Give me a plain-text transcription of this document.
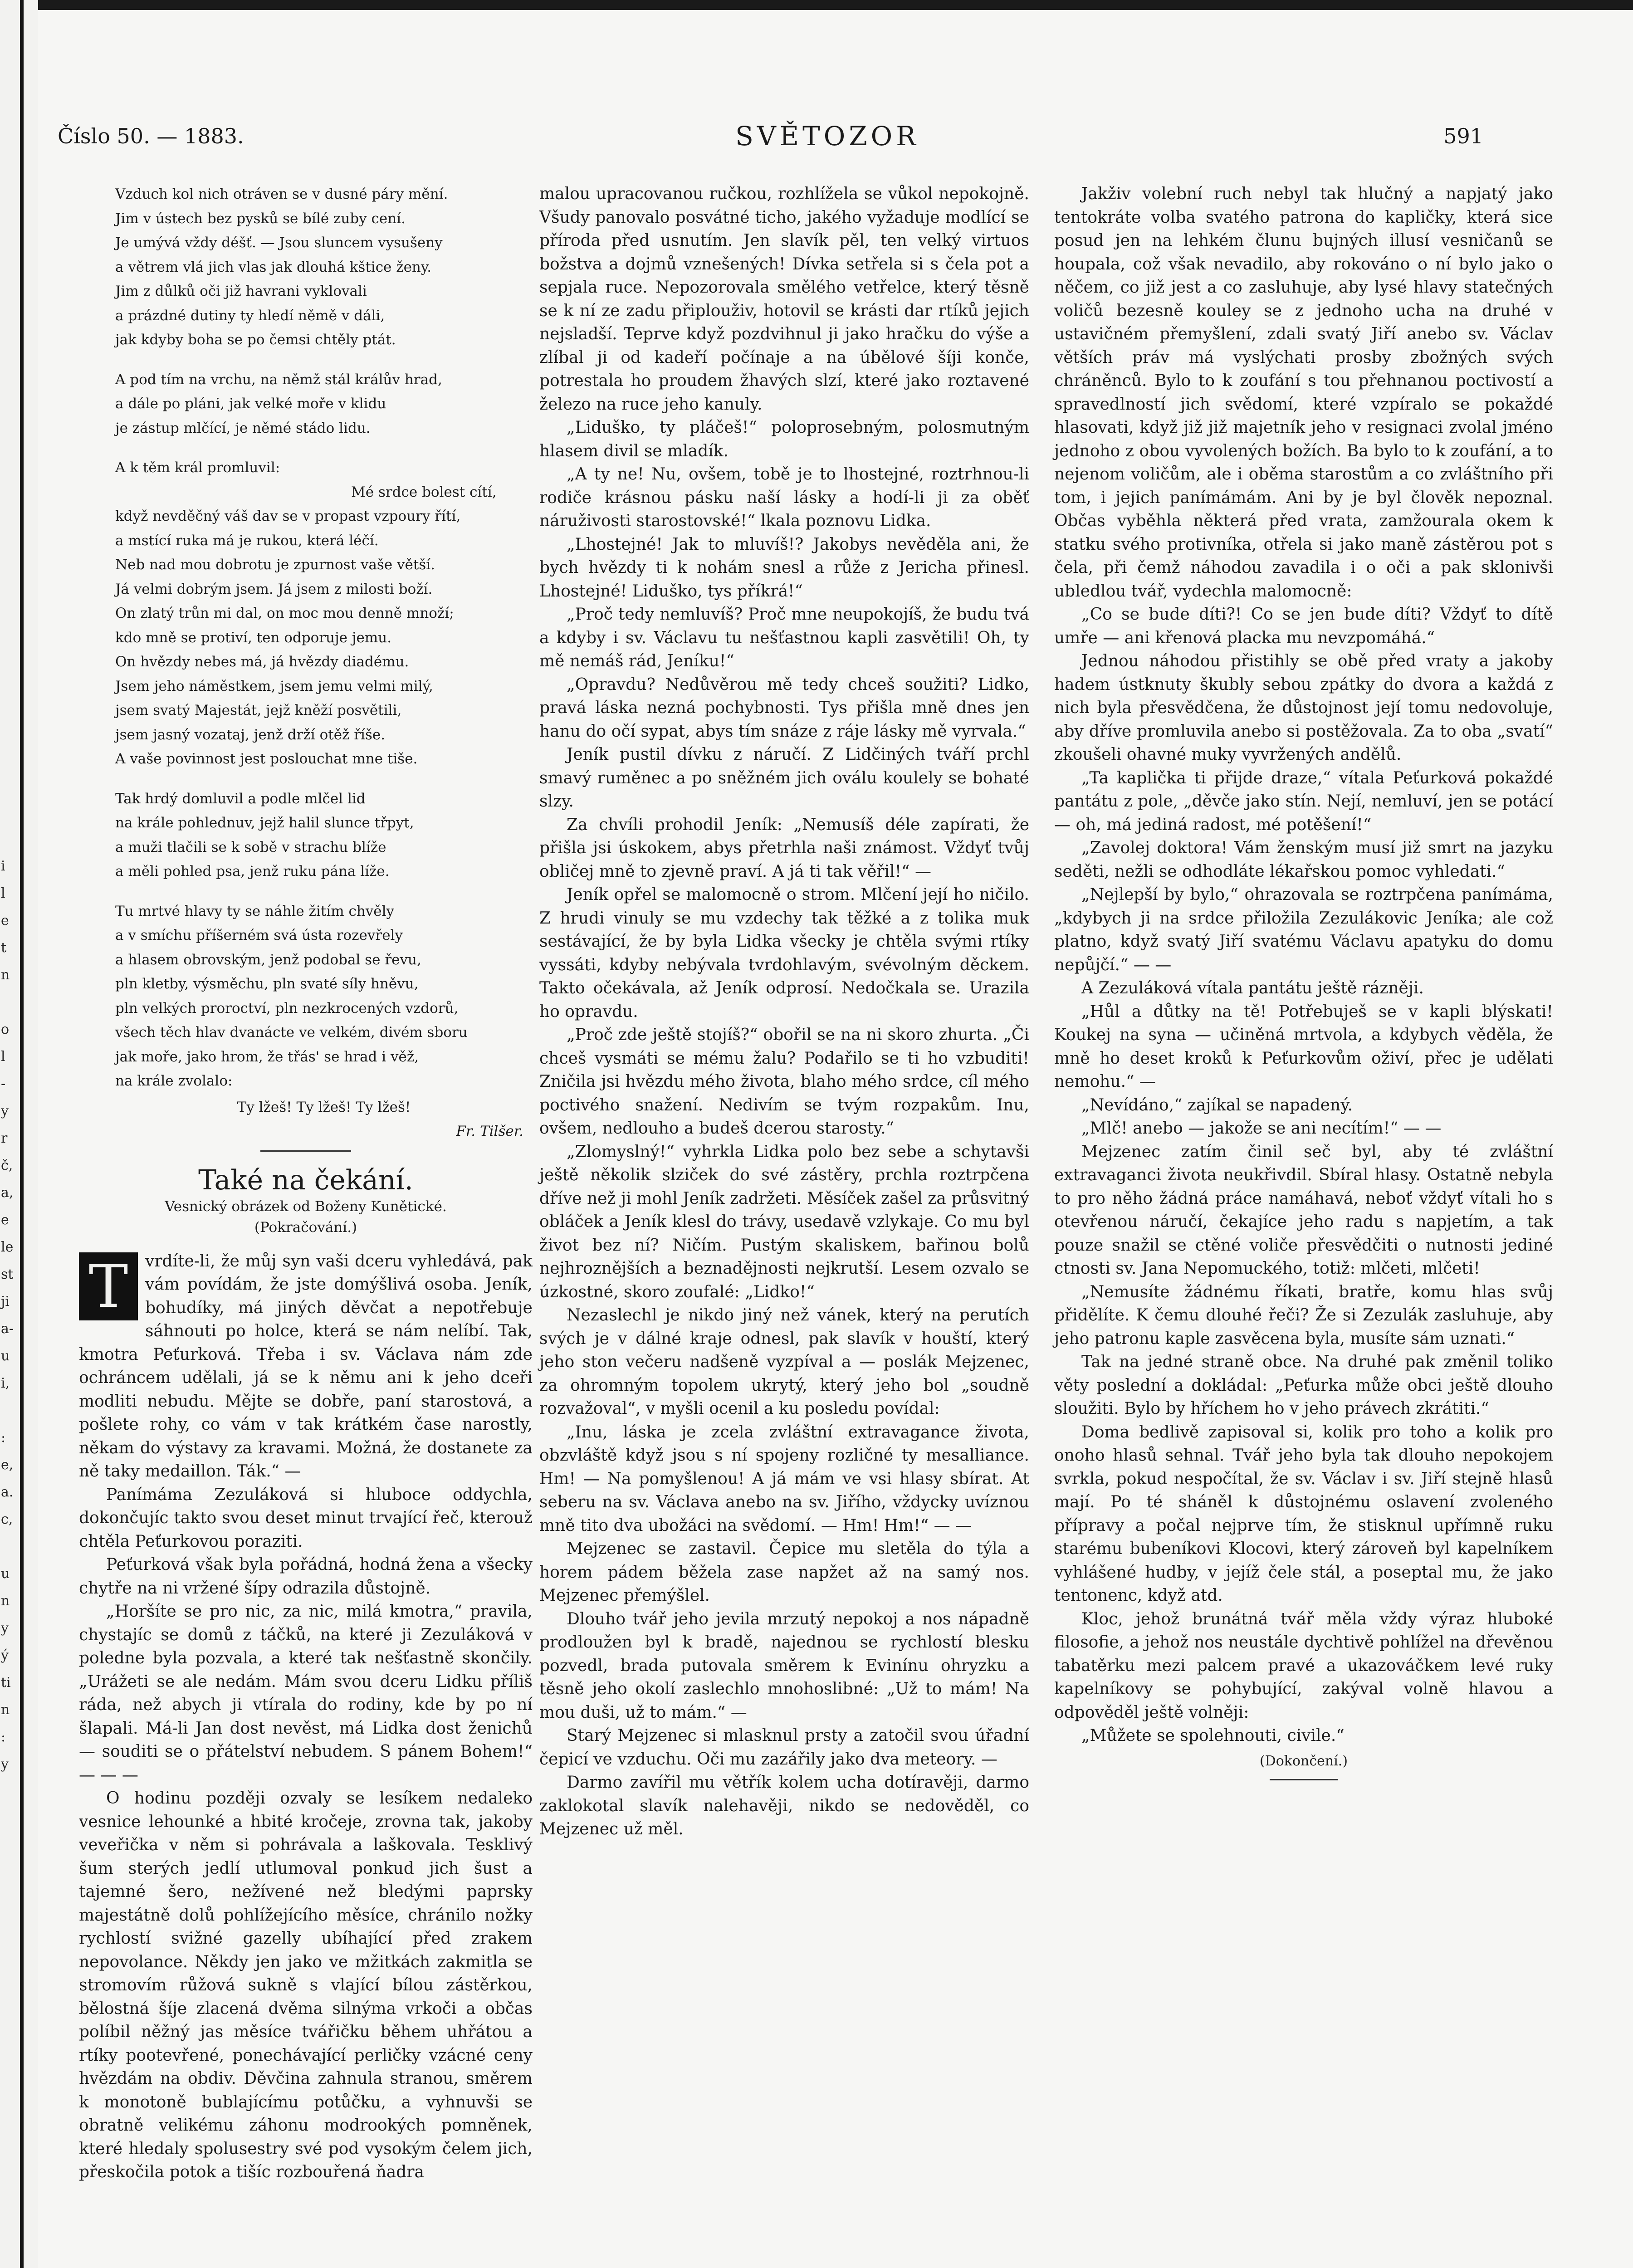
i
l
e
t
n
o
l
-
y
r
č,
a,
e
le
st
ji
a-
u
i,
:
e,
a.
c,
u
n
y
ý
ti
n
:
y
Číslo 50. — 1883.	SVĚTOZOR	591
Vzduch kol nich otráven se v dusné páry mění.
Jim v ústech bez pysků se bílé zuby cení.
Je umývá vždy déšť. — Jsou sluncem vysušeny
a větrem vlá jich vlas jak dlouhá kštice ženy.
Jim z důlků oči již havrani vyklovali
a prázdné dutiny ty hledí němě v dáli,
jak kdyby boha se po čemsi chtěly ptát.
A pod tím na vrchu, na němž stál králův hrad,
a dále po pláni, jak velké moře v klidu
je zástup mlčící, je němé stádo lidu.
A k těm král promluvil:
Mé srdce bolest cítí,
když nevděčný váš dav se v propast vzpoury řítí,
a mstící ruka má je rukou, která léčí.
Neb nad mou dobrotu je zpurnost vaše větší.
Já velmi dobrým jsem. Já jsem z milosti boží.
On zlatý trůn mi dal, on moc mou denně množí;
kdo mně se protiví, ten odporuje jemu.
On hvězdy nebes má, já hvězdy diadému.
Jsem jeho náměstkem, jsem jemu velmi milý,
jsem svatý Majestát, jejž kněží posvětili,
jsem jasný vozataj, jenž drží otěž říše.
A vaše povinnost jest poslouchat mne tiše.
Tak hrdý domluvil a podle mlčel lid
na krále pohlednuv, jejž halil slunce třpyt,
a muži tlačili se k sobě v strachu blíže
a měli pohled psa, jenž ruku pána líže.
Tu mrtvé hlavy ty se náhle žitím chvěly
a v smíchu příšerném svá ústa rozevřely
a hlasem obrovským, jenž podobal se řevu,
pln kletby, výsměchu, pln svaté síly hněvu,
pln velkých proroctví, pln nezkrocených vzdorů,
všech těch hlav dvanácte ve velkém, divém sboru
jak moře, jako hrom, že třás' se hrad i věž,
na krále zvolalo:
Ty lžeš! Ty lžeš! Ty lžeš!
Fr. Tilšer.
Také na čekání.
Vesnický obrázek od Boženy Kunětické.
(Pokračování.)

T	vrdíte-li, že můj syn vaši dceru vyhledává, pak vám povídám, že jste domýšlivá osoba. Jeník, bohudíky, má jiných děvčat a nepotřebuje sáhnouti po holce, která se nám nelíbí. Tak, kmotra Peťurková. Třeba i sv. Václava nám zde ochráncem udělali, já se k němu ani k jeho dceři modliti nebudu. Mějte se dobře, paní starostová, a pošlete rohy, co vám v tak krátkém čase narostly, někam do výstavy za kravami. Možná, že dostanete za ně taky medaillon. Ták.“ —

Panímáma Zezuláková si hluboce oddychla, dokončujíc takto svou deset minut trvající řeč, kterouž chtěla Peťurkovou poraziti.

Peťurková však byla pořádná, hodná žena a všecky chytře na ni vržené šípy odrazila důstojně.

„Horšíte se pro nic, za nic, milá kmotra,“ pravila, chystajíc se domů z táčků, na které ji Zezuláková v poledne byla pozvala, a které tak nešťastně skončily. „Urážeti se ale nedám. Mám svou dceru Lidku příliš ráda, než abych ji vtírala do rodiny, kde by po ní šlapali. Má-li Jan dost nevěst, má Lidka dost ženichů — souditi se o přátelství nebudem. S pánem Bohem!“ — — —

O hodinu později ozvaly se lesíkem nedaleko vesnice lehounké a hbité kročeje, zrovna tak, jakoby veveřička v něm si pohrávala a laškovala. Tesklivý šum sterých jedlí utlumoval ponkud jich šust a tajemné šero, nežívené než bledými paprsky majestátně dolů pohlížejícího měsíce, chránilo nožky rychlostí svižné gazelly ubíhající před zrakem nepovolance. Někdy jen jako ve mžitkách zakmitla se stromovím růžová sukně s vlající bílou zástěrkou, bělostná šíje zlacená dvěma silnýma vrkoči a občas políbil něžný jas měsíce tvářičku během uhřátou a rtíky pootevřené, ponechávající perličky vzácné ceny hvězdám na obdiv. Děvčina zahnula stranou, směrem k monotoně bublajícímu potůčku, a vyhnuvši se obratně velikému záhonu modrookých pomněnek, které hledaly spolusestry své pod vysokým čelem jich, přeskočila potok a tišíc rozbouřená ňadra

malou upracovanou ručkou, rozhlížela se vůkol nepokojně. Všudy panovalo posvátné ticho, jakého vyžaduje modlící se příroda před usnutím. Jen slavík pěl, ten velký virtuos božstva a dojmů vznešených! Dívka setřela si s čela pot a sepjala ruce. Nepozorovala smělého vetřelce, který těsně se k ní ze zadu připlouživ, hotovil se krásti dar rtíků jejich nejsladší. Teprve když pozdvihnul ji jako hračku do výše a zlíbal ji od kadeří počínaje a na úbělové šíji konče, potrestala ho proudem žhavých slzí, které jako roztavené železo na ruce jeho kanuly.

„Liduško, ty pláčeš!“ poloprosebným, polosmutným hlasem divil se mladík.

„A ty ne! Nu, ovšem, tobě je to lhostejné, roztrhnou-li rodiče krásnou pásku naší lásky a hodí-li ji za oběť náruživosti starostovské!“ lkala poznovu Lidka.

„Lhostejné! Jak to mluvíš!? Jakobys nevěděla ani, že bych hvězdy ti k nohám snesl a růže z Jericha přinesl. Lhostejné! Liduško, tys příkrá!“

„Proč tedy nemluvíš? Proč mne neupokojíš, že budu tvá a kdyby i sv. Václavu tu nešťastnou kapli zasvětili! Oh, ty mě nemáš rád, Jeníku!“

„Opravdu? Nedůvěrou mě tedy chceš soužiti? Lidko, pravá láska nezná pochybnosti. Tys přišla mně dnes jen hanu do očí sypat, abys tím snáze z ráje lásky mě vyrvala.“

Jeník pustil dívku z náručí. Z Lidčiných tváří prchl smavý ruměnec a po sněžném jich oválu koulely se bohaté slzy.

Za chvíli prohodil Jeník: „Nemusíš déle zapírati, že přišla jsi úskokem, abys přetrhla naši známost. Vždyť tvůj obličej mně to zjevně praví. A já ti tak věřil!“ —

Jeník opřel se malomocně o strom. Mlčení její ho ničilo. Z hrudi vinuly se mu vzdechy tak těžké a z tolika muk sestávající, že by byla Lidka všecky je chtěla svými rtíky vyssáti, kdyby nebývala tvrdohlavým, svévolným děckem. Takto očekávala, až Jeník odprosí. Nedočkala se. Urazila ho opravdu.

„Proč zde ještě stojíš?“ obořil se na ni skoro zhurta. „Či chceš vysmáti se mému žalu? Podařilo se ti ho vzbuditi! Zničila jsi hvězdu mého života, blaho mého srdce, cíl mého poctivého snažení. Nedivím se tvým rozpakům. Inu, ovšem, nedlouho a budeš dcerou starosty.“

„Zlomyslný!“ vyhrkla Lidka polo bez sebe a schytavši ještě několik slziček do své zástěry, prchla roztrpčena dříve než ji mohl Jeník zadržeti. Měsíček zašel za průsvitný obláček a Jeník klesl do trávy, usedavě vzlykaje. Co mu byl život bez ní? Ničím. Pustým skaliskem, bařinou bolů nejhroznějších a beznadějnosti nejkrutší. Lesem ozvalo se úzkostné, skoro zoufalé: „Lidko!“

Nezaslechl je nikdo jiný než vánek, který na perutích svých je v dálné kraje odnesl, pak slavík v houští, který jeho ston večeru nadšeně vyzpíval a — poslák Mejzenec, za ohromným topolem ukrytý, který jeho bol „soudně rozvažoval“, v myšli ocenil a ku posledu povídal:

„Inu, láska je zcela zvláštní extravagance života, obzvláště když jsou s ní spojeny rozličné ty mesalliance. Hm! — Na pomyšlenou! A já mám ve vsi hlasy sbírat. At seberu na sv. Václava anebo na sv. Jiřího, vždycky uvíznou mně tito dva ubožáci na svědomí. — Hm! Hm!“ — —

Mejzenec se zastavil. Čepice mu sletěla do týla a horem pádem běžela zase napžet až na samý nos. Mejzenec přemýšlel.

Dlouho tvář jeho jevila mrzutý nepokoj a nos nápadně prodloužen byl k bradě, najednou se rychlostí blesku pozvedl, brada putovala směrem k Evinínu ohryzku a těsně jeho okolí zaslechlo mnohoslibné: „Už to mám! Na mou duši, už to mám.“ —

Starý Mejzenec si mlasknul prsty a zatočil svou úřadní čepicí ve vzduchu. Oči mu zazářily jako dva meteory. —

Darmo zavířil mu větřík kolem ucha dotíravěji, darmo zaklokotal slavík nalehavěji, nikdo se nedověděl, co Mejzenec už měl.

Jakživ volební ruch nebyl tak hlučný a napjatý jako tentokráte volba svatého patrona do kapličky, která sice posud jen na lehkém člunu bujných illusí vesničanů se houpala, což však nevadilo, aby rokováno o ní bylo jako o něčem, co již jest a co zasluhuje, aby lysé hlavy statečných voličů bezesně kouley se z jednoho ucha na druhé v ustavičném přemyšlení, zdali svatý Jiří anebo sv. Václav větších práv má vyslýchati prosby zbožných svých chráněnců. Bylo to k zoufání s tou přehnanou poctivostí a spravedlností jich svědomí, které vzpíralo se pokaždé hlasovati, když již již majetník jeho v resignaci zvolal jméno jednoho z obou vyvolených božích. Ba bylo to k zoufání, a to nejenom voličům, ale i oběma starostům a co zvláštního při tom, i jejich panímámám. Ani by je byl člověk nepoznal. Občas vyběhla některá před vrata, zamžourala okem k statku svého protivníka, otřela si jako maně zástěrou pot s čela, při čemž náhodou zavadila i o oči a pak sklonivši ubledlou tvář, vydechla malomocně:

„Co se bude díti?! Co se jen bude díti? Vždyť to dítě umře — ani křenová placka mu nevzpomáhá.“

Jednou náhodou přistihly se obě před vraty a jakoby hadem ústknuty škubly sebou zpátky do dvora a každá z nich byla přesvědčena, že důstojnost její tomu nedovoluje, aby dříve promluvila anebo si postěžovala. Za to oba „svatí“ zkoušeli ohavné muky vyvržených andělů.

„Ta kaplička ti přijde draze,“ vítala Peťurková pokaždé pantátu z pole, „děvče jako stín. Nejí, nemluví, jen se potácí — oh, má jediná radost, mé potěšení!“

„Zavolej doktora! Vám ženským musí již smrt na jazyku seděti, nežli se odhodláte lékařskou pomoc vyhledati.“

„Nejlepší by bylo,“ ohrazovala se roztrpčena panímáma, „kdybych ji na srdce přiložila Zezulákovic Jeníka; ale což platno, když svatý Jiří svatému Václavu apatyku do domu nepůjčí.“ — —

A Zezuláková vítala pantátu ještě rázněji.

„Hůl a důtky na tě! Potřebuješ se v kapli blýskati! Koukej na syna — učiněná mrtvola, a kdybych věděla, že mně ho deset kroků k Peťurkovům oživí, přec je udělati nemohu.“ —

„Nevídáno,“ zajíkal se napadený.

„Mlč! anebo — jakože se ani necítím!“ — —

Mejzenec zatím činil seč byl, aby té zvláštní extravaganci života neukřivdil. Sbíral hlasy. Ostatně nebyla to pro něho žádná práce namáhavá, neboť vždyť vítali ho s otevřenou náručí, čekajíce jeho radu s napjetím, a tak pouze snažil se ctěné voliče přesvědčiti o nutnosti jediné ctnosti sv. Jana Nepomuckého, totiž: mlčeti, mlčeti!

„Nemusíte žádnému říkati, bratře, komu hlas svůj přidělíte. K čemu dlouhé řeči? Že si Zezulák zasluhuje, aby jeho patronu kaple zasvěcena byla, musíte sám uznati.“

Tak na jedné straně obce. Na druhé pak změnil toliko věty poslední a dokládal: „Peťurka může obci ještě dlouho sloužiti. Bylo by hříchem ho v jeho právech zkrátiti.“

Doma bedlivě zapisoval si, kolik pro toho a kolik pro onoho hlasů sehnal. Tvář jeho byla tak dlouho nepokojem svrkla, pokud nespočítal, že sv. Václav i sv. Jiří stejně hlasů mají. Po té sháněl k důstojnému oslavení zvoleného přípravy a počal nejprve tím, že stisknul upřímně ruku starému bubeníkovi Klocovi, který zároveň byl kapelníkem vyhlášené hudby, v jejíž čele stál, a poseptal mu, že jako tentonenc, když atd.

Kloc, jehož brunátná tvář měla vždy výraz hluboké filosofie, a jehož nos neustále dychtivě pohlížel na dřevěnou tabatěrku mezi palcem pravé a ukazováčkem levé ruky kapelníkovy se pohybující, zakýval volně hlavou a odpověděl ještě volněji:

„Můžete se spolehnouti, civile.“

(Dokončení.)
